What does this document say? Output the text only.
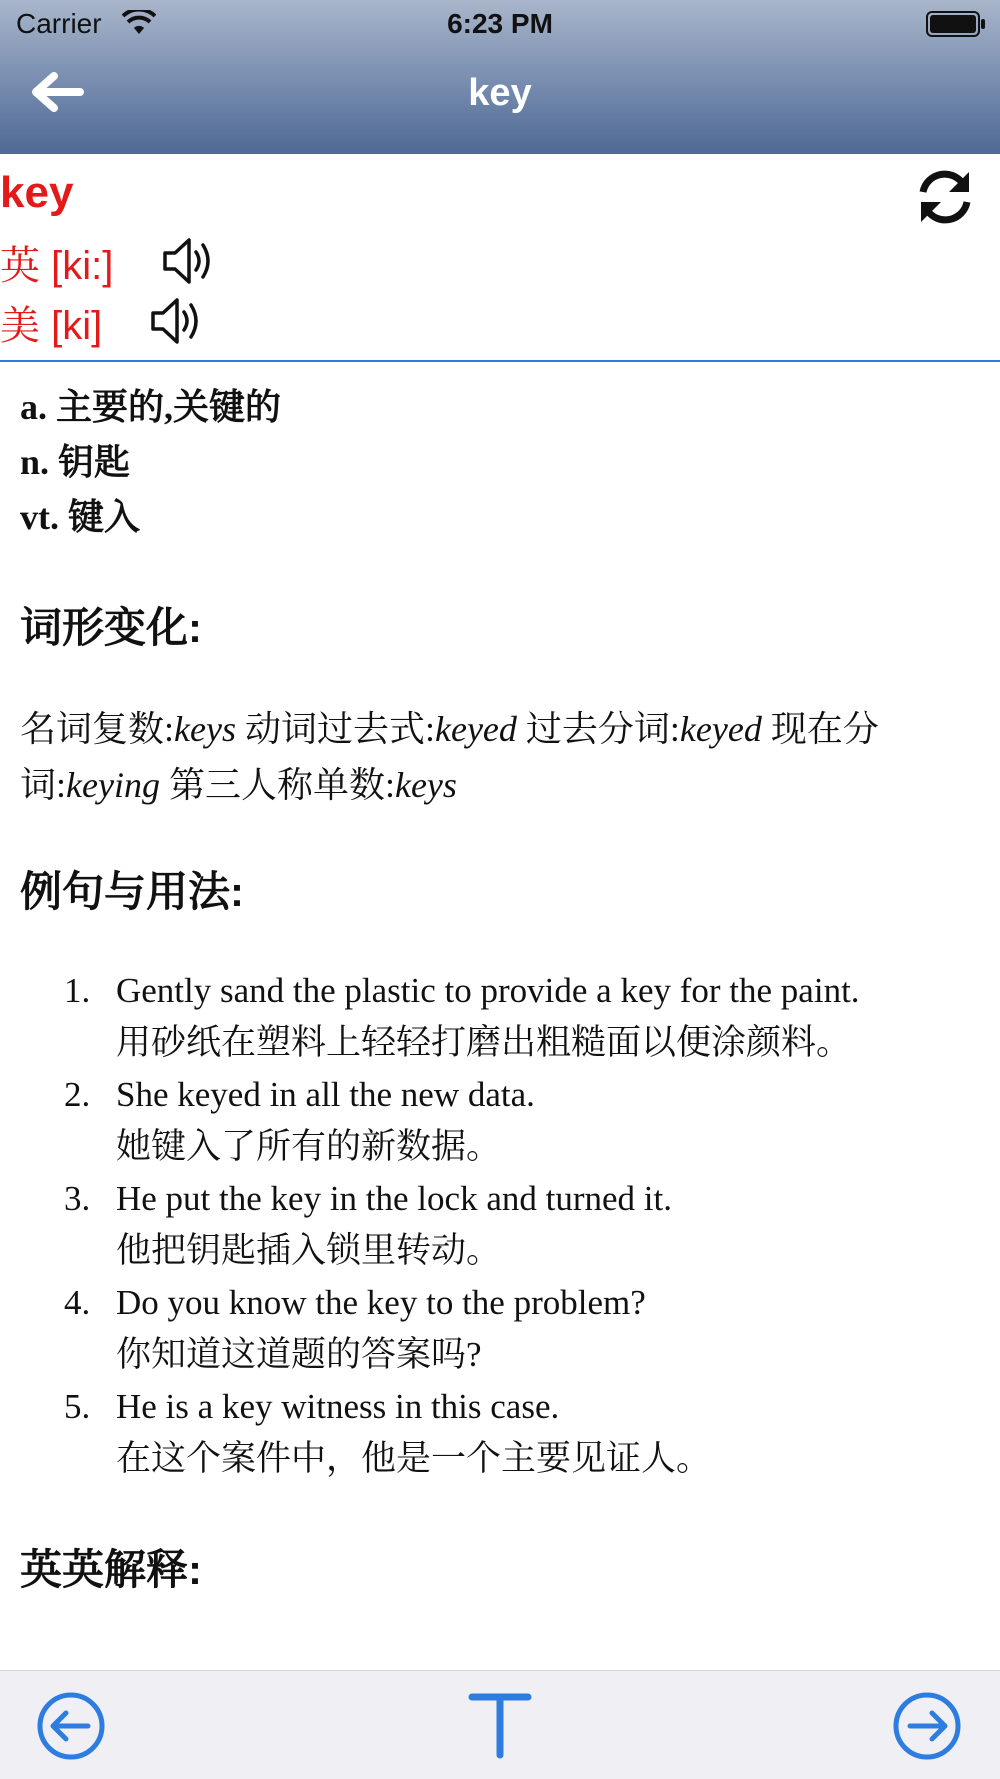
Carrier	6:23 PM
key
key
英 [ki:]
美 [ki]
a. 主要的,关键的
n. 钥匙
vt. 键入
词形变化:
名词复数:keys 动词过去式:keyed 过去分词:keyed 现在分词:keying 第三人称单数:keys
例句与用法:
1. Gently sand the plastic to provide a key for the paint.
用砂纸在塑料上轻轻打磨出粗糙面以便涂颜料。
2. She keyed in all the new data.
她键入了所有的新数据。
3. He put the key in the lock and turned it.
他把钥匙插入锁里转动。
4. Do you know the key to the problem?
你知道这道题的答案吗?
5. He is a key witness in this case.
在这个案件中，他是一个主要见证人。
英英解释:
